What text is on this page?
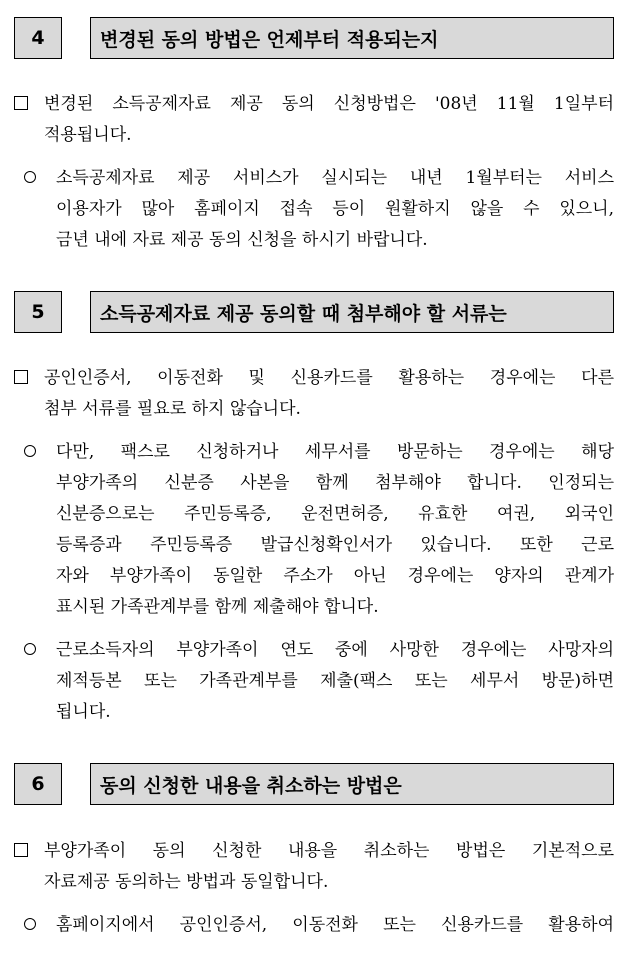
4	변경된 동의 방법은 언제부터 적용되는지
변경된 소득공제자료 제공 동의 신청방법은 '08년 11월 1일부터
적용됩니다.
소득공제자료 제공 서비스가 실시되는 내년 1월부터는 서비스
이용자가 많아 홈페이지 접속 등이 원활하지 않을 수 있으니,
금년 내에 자료 제공 동의 신청을 하시기 바랍니다.
5	소득공제자료 제공 동의할 때 첨부해야 할 서류는
공인인증서, 이동전화 및 신용카드를 활용하는 경우에는 다른
첨부 서류를 필요로 하지 않습니다.
다만, 팩스로 신청하거나 세무서를 방문하는 경우에는 해당
부양가족의 신분증 사본을 함께 첨부해야 합니다. 인정되는
신분증으로는 주민등록증, 운전면허증, 유효한 여권, 외국인
등록증과 주민등록증 발급신청확인서가 있습니다. 또한 근로
자와 부양가족이 동일한 주소가 아닌 경우에는 양자의 관계가
표시된 가족관계부를 함께 제출해야 합니다.
근로소득자의 부양가족이 연도 중에 사망한 경우에는 사망자의
제적등본 또는 가족관계부를 제출(팩스 또는 세무서 방문)하면
됩니다.
6	동의 신청한 내용을 취소하는 방법은
부양가족이 동의 신청한 내용을 취소하는 방법은 기본적으로
자료제공 동의하는 방법과 동일합니다.
홈페이지에서 공인인증서, 이동전화 또는 신용카드를 활용하여
